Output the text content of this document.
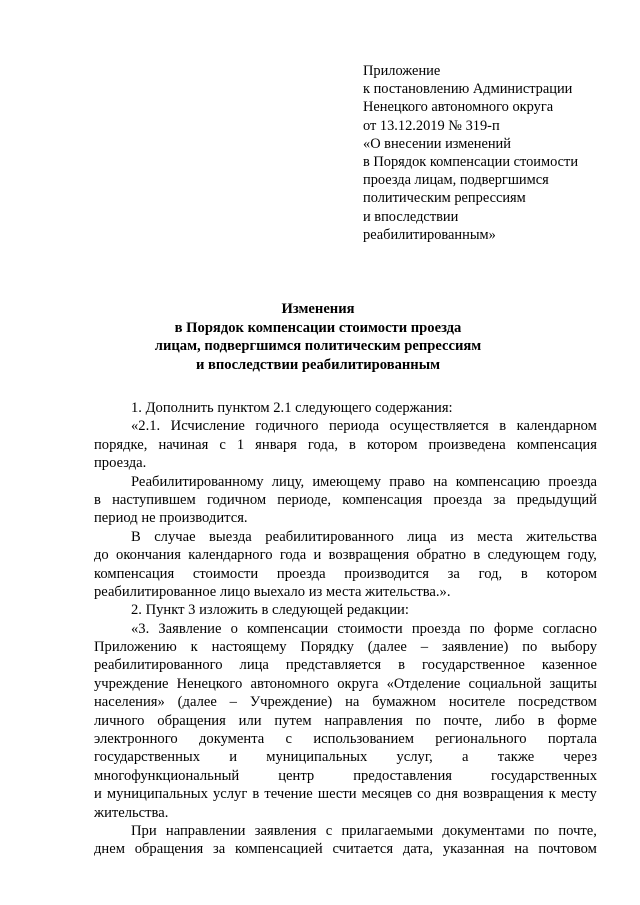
Приложение
к постановлению Администрации
Ненецкого автономного округа
от 13.12.2019 № 319-п
«О внесении изменений
в Порядок компенсации стоимости
проезда лицам, подвергшимся
политическим репрессиям
и впоследствии
реабилитированным»
Изменения
в Порядок компенсации стоимости проезда
лицам, подвергшимся политическим репрессиям
и впоследствии реабилитированным
1. Дополнить пунктом 2.1 следующего содержания:
«2.1. Исчисление годичного периода осуществляется в календарном
порядке, начиная с 1 января года, в котором произведена компенсация
проезда.
Реабилитированному лицу, имеющему право на компенсацию проезда
в наступившем годичном периоде, компенсация проезда за предыдущий
период не производится.
В случае выезда реабилитированного лица из места жительства
до окончания календарного года и возвращения обратно в следующем году,
компенсация стоимости проезда производится за год, в котором
реабилитированное лицо выехало из места жительства.».
2. Пункт 3 изложить в следующей редакции:
«3. Заявление о компенсации стоимости проезда по форме согласно
Приложению к настоящему Порядку (далее – заявление) по выбору
реабилитированного лица представляется в государственное казенное
учреждение Ненецкого автономного округа «Отделение социальной защиты
населения» (далее – Учреждение) на бумажном носителе посредством
личного обращения или путем направления по почте, либо в форме
электронного документа с использованием регионального портала
государственных и муниципальных услуг, а также через
многофункциональный	центр	предоставления	государственных
и муниципальных услуг в течение шести месяцев со дня возвращения к месту
жительства.
При направлении заявления с прилагаемыми документами по почте,
днем обращения за компенсацией считается дата, указанная на почтовом
